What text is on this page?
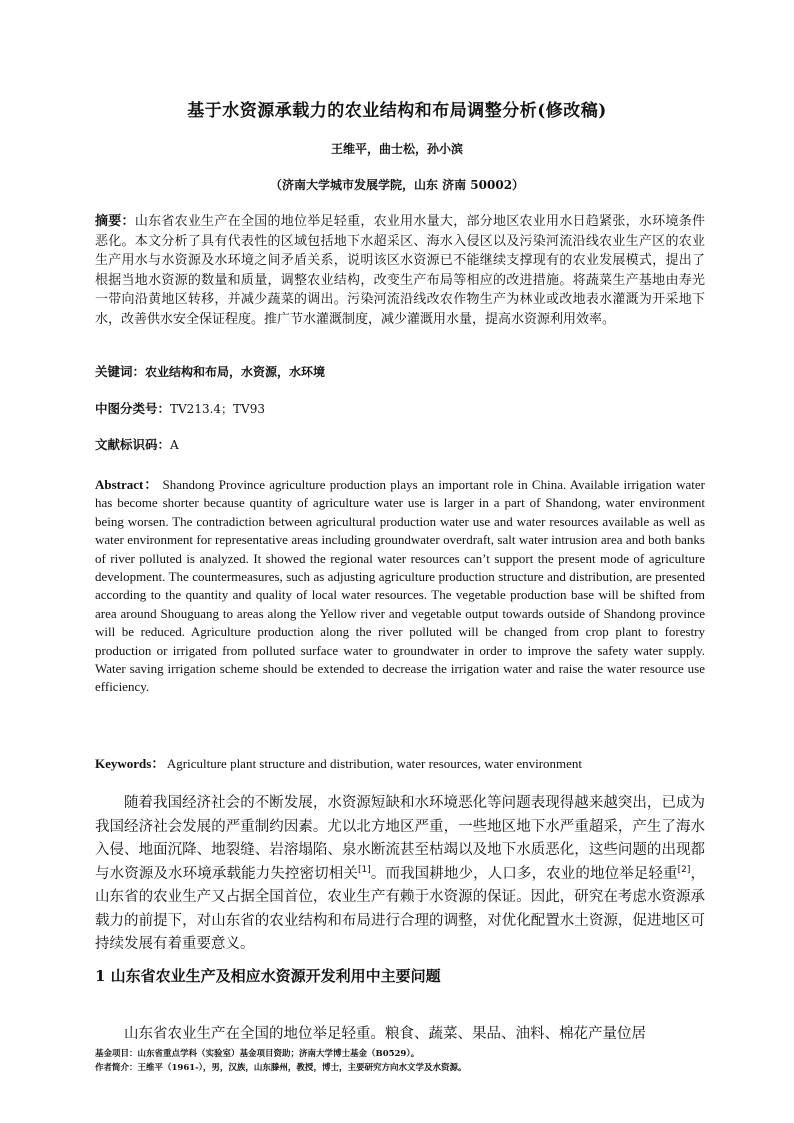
基于水资源承载力的农业结构和布局调整分析(修改稿)
王维平，曲士松，孙小滨
（济南大学城市发展学院，山东 济南 50002）
摘要：山东省农业生产在全国的地位举足轻重，农业用水量大，部分地区农业用水日趋紧张，水环境条件恶化。本文分析了具有代表性的区域包括地下水超采区、海水入侵区以及污染河流沿线农业生产区的农业生产用水与水资源及水环境之间矛盾关系，说明该区水资源已不能继续支撑现有的农业发展模式，提出了根据当地水资源的数量和质量，调整农业结构，改变生产布局等相应的改进措施。将蔬菜生产基地由寿光一带向沿黄地区转移，并减少蔬菜的调出。污染河流沿线改农作物生产为林业或改地表水灌溉为开采地下水，改善供水安全保证程度。推广节水灌溉制度，减少灌溉用水量，提高水资源利用效率。
关键词：农业结构和布局，水资源，水环境
中图分类号：TV213.4；TV93
文献标识码：A
Abstract： Shandong Province agriculture production plays an important role in China. Available irrigation water has become shorter because quantity of agriculture water use is larger in a part of Shandong, water environment being worsen. The contradiction between agricultural production water use and water resources available as well as water environment for representative areas including groundwater overdraft, salt water intrusion area and both banks of river polluted is analyzed. It showed the regional water resources can’t support the present mode of agriculture development. The countermeasures, such as adjusting agriculture production structure and distribution, are presented according to the quantity and quality of local water resources. The vegetable production base will be shifted from area around Shouguang to areas along the Yellow river and vegetable output towards outside of Shandong province will be reduced. Agriculture production along the river polluted will be changed from crop plant to forestry production or irrigated from polluted surface water to groundwater in order to improve the safety water supply. Water saving irrigation scheme should be extended to decrease the irrigation water and raise the water resource use efficiency.
Keywords： Agriculture plant structure and distribution, water resources, water environment
随着我国经济社会的不断发展，水资源短缺和水环境恶化等问题表现得越来越突出，已成为我国经济社会发展的严重制约因素。尤以北方地区严重，一些地区地下水严重超采，产生了海水入侵、地面沉降、地裂缝、岩溶塌陷、泉水断流甚至枯竭以及地下水质恶化，这些问题的出现都与水资源及水环境承载能力失控密切相关[1]。而我国耕地少，人口多，农业的地位举足轻重[2]，山东省的农业生产又占据全国首位，农业生产有赖于水资源的保证。因此，研究在考虑水资源承载力的前提下，对山东省的农业结构和布局进行合理的调整，对优化配置水土资源，促进地区可持续发展有着重要意义。
1 山东省农业生产及相应水资源开发利用中主要问题
山东省农业生产在全国的地位举足轻重。粮食、蔬菜、果品、油料、棉花产量位居
基金项目：山东省重点学科（实验室）基金项目资助；济南大学博士基金（B0529）。
作者简介：王维平（1961-），男，汉族，山东滕州，教授，博士，主要研究方向水文学及水资源。
